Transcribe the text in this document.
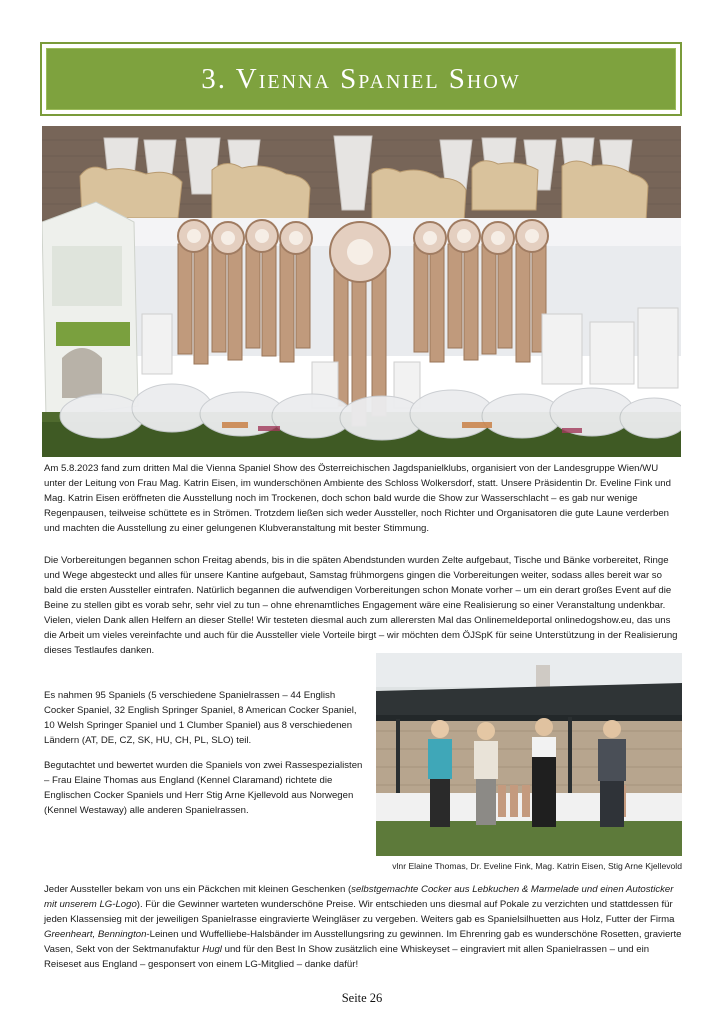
3. Vienna Spaniel Show

Am 5.8.2023 fand zum dritten Mal die Vienna Spaniel Show des Österreichischen Jagdspanielklubs, organisiert von der Landesgruppe Wien/WU unter der Leitung von Frau Mag. Katrin Eisen, im wunderschönen Ambiente des Schloss Wolkersdorf, statt. Unsere Präsidentin Dr. Eveline Fink und Mag. Katrin Eisen eröffneten die Ausstellung noch im Trockenen, doch schon bald wurde die Show zur Wasserschlacht – es gab nur wenige Regenpausen, teilweise schüttete es in Strömen. Trotzdem ließen sich weder Aussteller, noch Richter und Organisatoren die gute Laune verderben und machten die Ausstellung zu einer gelungenen Klubveranstaltung mit bester Stimmung.

Die Vorbereitungen begannen schon Freitag abends, bis in die späten Abendstunden wurden Zelte aufgebaut, Tische und Bänke vorbereitet, Ringe und Wege abgesteckt und alles für unsere Kantine aufgebaut, Samstag frühmorgens gingen die Vorbereitungen weiter, sodass alles bereit war so bald die ersten Aussteller eintrafen. Natürlich begannen die aufwendigen Vorbereitungen schon Monate vorher – um ein derart großes Event auf die Beine zu stellen gibt es vorab sehr, sehr viel zu tun – ohne ehrenamtliches Engagement wäre eine Realisierung so einer Veranstaltung undenkbar. Vielen, vielen Dank allen Helfern an dieser Stelle! Wir testeten diesmal auch zum allerersten Mal das Onlinemeldeportal onlinedogshow.eu, das uns die Arbeit um vieles vereinfachte und auch für die Aussteller viele Vorteile birgt – wir möchten dem ÖJSpK für seine Unterstützung in der Realisierung dieses Testlaufes danken.

Es nahmen 95 Spaniels (5 verschiedene Spanielrassen – 44 English Cocker Spaniel, 32 English Springer Spaniel, 8 American Cocker Spaniel, 10 Welsh Springer Spaniel und 1 Clumber Spaniel) aus 8 verschiedenen Ländern (AT, DE, CZ, SK, HU, CH, PL, SLO) teil.

Begutachtet und bewertet wurden die Spaniels von zwei Rassespezialisten – Frau Elaine Thomas aus England (Kennel Claramand) richtete die Englischen Cocker Spaniels und Herr Stig Arne Kjellevold aus Norwegen (Kennel Westaway) alle anderen Spanielrassen.

vlnr Elaine Thomas, Dr. Eveline Fink, Mag. Katrin Eisen, Stig Arne Kjellevold

Jeder Aussteller bekam von uns ein Päckchen mit kleinen Geschenken (selbstgemachte Cocker aus Lebkuchen & Marmelade und einen Autosticker mit unserem LG-Logo). Für die Gewinner warteten wunderschöne Preise. Wir entschieden uns diesmal auf Pokale zu verzichten und stattdessen für jeden Klassensieg mit der jeweiligen Spanielrasse eingravierte Weingläser zu vergeben. Weiters gab es Spanielsilhuetten aus Holz, Futter der Firma Greenheart, Bennington-Leinen und Wuffelliebe-Halsbänder im Ausstellungsring zu gewinnen. Im Ehrenring gab es wunderschöne Rosetten, gravierte Vasen, Sekt von der Sektmanufaktur Hugl und für den Best In Show zusätzlich eine Whiskeyset – eingraviert mit allen Spanielrassen – und ein Reiseset aus England – gesponsert von einem LG-Mitglied – danke dafür!

Seite 26
